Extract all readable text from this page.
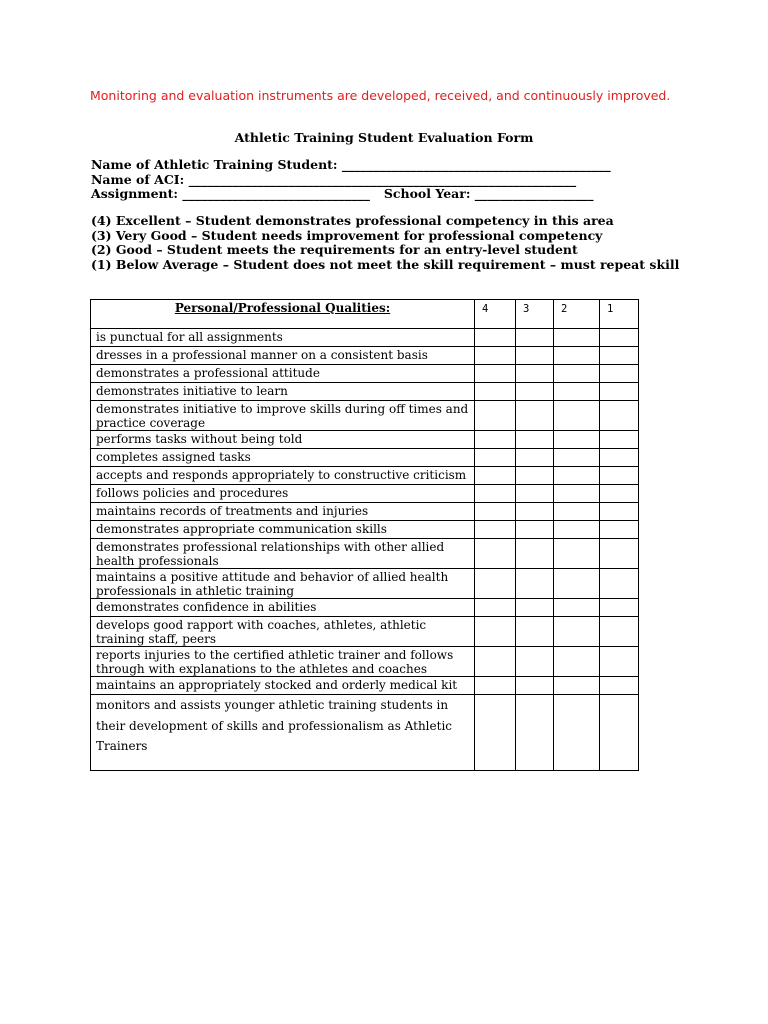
Monitoring and evaluation instruments are developed, received, and continuously improved.
Athletic Training Student Evaluation Form
Name of Athletic Training Student: ___________________________________________
Name of ACI: ______________________________________________________________
Assignment: ______________________________ School Year: ___________________
(4) Excellent – Student demonstrates professional competency in this area
(3) Very Good – Student needs improvement for professional competency
(2) Good – Student meets the requirements for an entry-level student
(1) Below Average – Student does not meet the skill requirement – must repeat skill
Personal/Professional Qualities:	4	3	2	1
is punctual for all assignments				
dresses in a professional manner on a consistent basis				
demonstrates a professional attitude				
demonstrates initiative to learn				
demonstrates initiative to improve skills during off times and practice coverage				
performs tasks without being told				
completes assigned tasks				
accepts and responds appropriately to constructive criticism				
follows policies and procedures				
maintains records of treatments and injuries				
demonstrates appropriate communication skills				
demonstrates professional relationships with other allied health professionals				
maintains a positive attitude and behavior of allied health professionals in athletic training				
demonstrates confidence in abilities				
develops good rapport with coaches, athletes, athletic training staff, peers				
reports injuries to the certified athletic trainer and follows through with explanations to the athletes and coaches				
maintains an appropriately stocked and orderly medical kit				
monitors and assists younger athletic training students in their development of skills and professionalism as Athletic Trainers				
